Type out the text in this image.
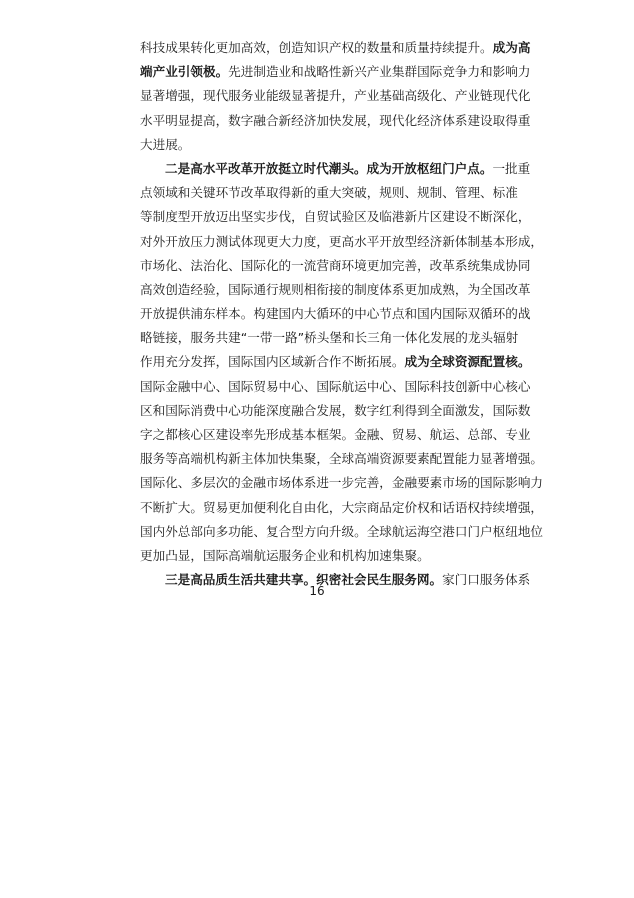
科技成果转化更加高效，创造知识产权的数量和质量持续提升。成为高
端产业引领极。先进制造业和战略性新兴产业集群国际竞争力和影响力
显著增强，现代服务业能级显著提升，产业基础高级化、产业链现代化
水平明显提高，数字融合新经济加快发展，现代化经济体系建设取得重
大进展。
二是高水平改革开放挺立时代潮头。成为开放枢纽门户点。一批重
点领域和关键环节改革取得新的重大突破，规则、规制、管理、标准
等制度型开放迈出坚实步伐，自贸试验区及临港新片区建设不断深化，
对外开放压力测试体现更大力度，更高水平开放型经济新体制基本形成，
市场化、法治化、国际化的一流营商环境更加完善，改革系统集成协同
高效创造经验，国际通行规则相衔接的制度体系更加成熟，为全国改革
开放提供浦东样本。构建国内大循环的中心节点和国内国际双循环的战
略链接，服务共建“一带一路”桥头堡和长三角一体化发展的龙头辐射
作用充分发挥，国际国内区域新合作不断拓展。成为全球资源配置核。
国际金融中心、国际贸易中心、国际航运中心、国际科技创新中心核心
区和国际消费中心功能深度融合发展，数字红利得到全面激发，国际数
字之都核心区建设率先形成基本框架。金融、贸易、航运、总部、专业
服务等高端机构新主体加快集聚，全球高端资源要素配置能力显著增强。
国际化、多层次的金融市场体系进一步完善，金融要素市场的国际影响力
不断扩大。贸易更加便利化自由化，大宗商品定价权和话语权持续增强，
国内外总部向多功能、复合型方向升级。全球航运海空港口门户枢纽地位
更加凸显，国际高端航运服务企业和机构加速集聚。
三是高品质生活共建共享。织密社会民生服务网。家门口服务体系
16
